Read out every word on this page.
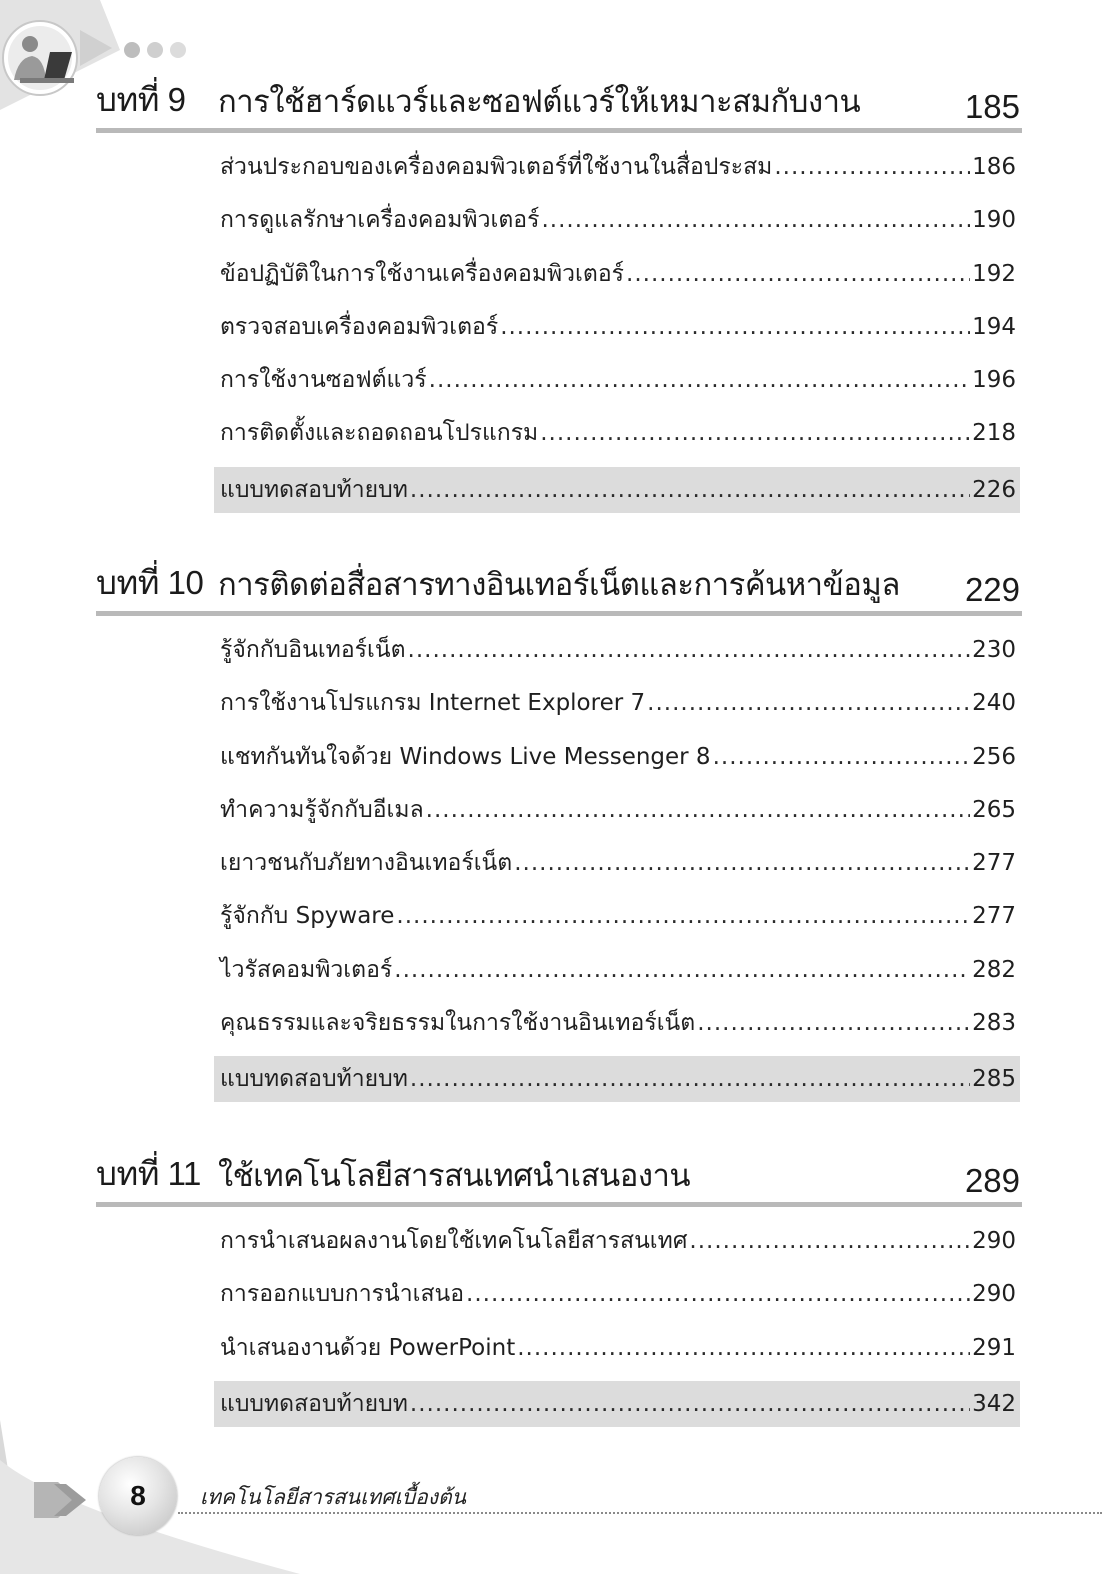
บทที่ 9 การใช้ฮาร์ดแวร์และซอฟต์แวร์ให้เหมาะสมกับงาน	185
ส่วนประกอบของเครื่องคอมพิวเตอร์ที่ใช้งานในสื่อประสม .....	186
การดูแลรักษาเครื่องคอมพิวเตอร์ .....	190
ข้อปฏิบัติในการใช้งานเครื่องคอมพิวเตอร์ .....	192
ตรวจสอบเครื่องคอมพิวเตอร์ .....	194
การใช้งานซอฟต์แวร์ .....	196
การติดตั้งและถอดถอนโปรแกรม .....	218
แบบทดสอบท้ายบท .....	226
บทที่ 10 การติดต่อสื่อสารทางอินเทอร์เน็ตและการค้นหาข้อมูล 229
รู้จักกับอินเทอร์เน็ต .....	230
การใช้งานโปรแกรม Internet Explorer 7 .....	240
แชทกันทันใจด้วย Windows Live Messenger 8 .....	256
ทำความรู้จักกับอีเมล .....	265
เยาวชนกับภัยทางอินเทอร์เน็ต .....	277
รู้จักกับ Spyware .....	277
ไวรัสคอมพิวเตอร์ .....	282
คุณธรรมและจริยธรรมในการใช้งานอินเทอร์เน็ต .....	283
แบบทดสอบท้ายบท .....	285
บทที่ 11 ใช้เทคโนโลยีสารสนเทศนำเสนองาน	289
การนำเสนอผลงานโดยใช้เทคโนโลยีสารสนเทศ .....	290
การออกแบบการนำเสนอ .....	290
นำเสนองานด้วย PowerPoint .....	291
แบบทดสอบท้ายบท .....	342
8	เทคโนโลยีสารสนเทศเบื้องต้น
